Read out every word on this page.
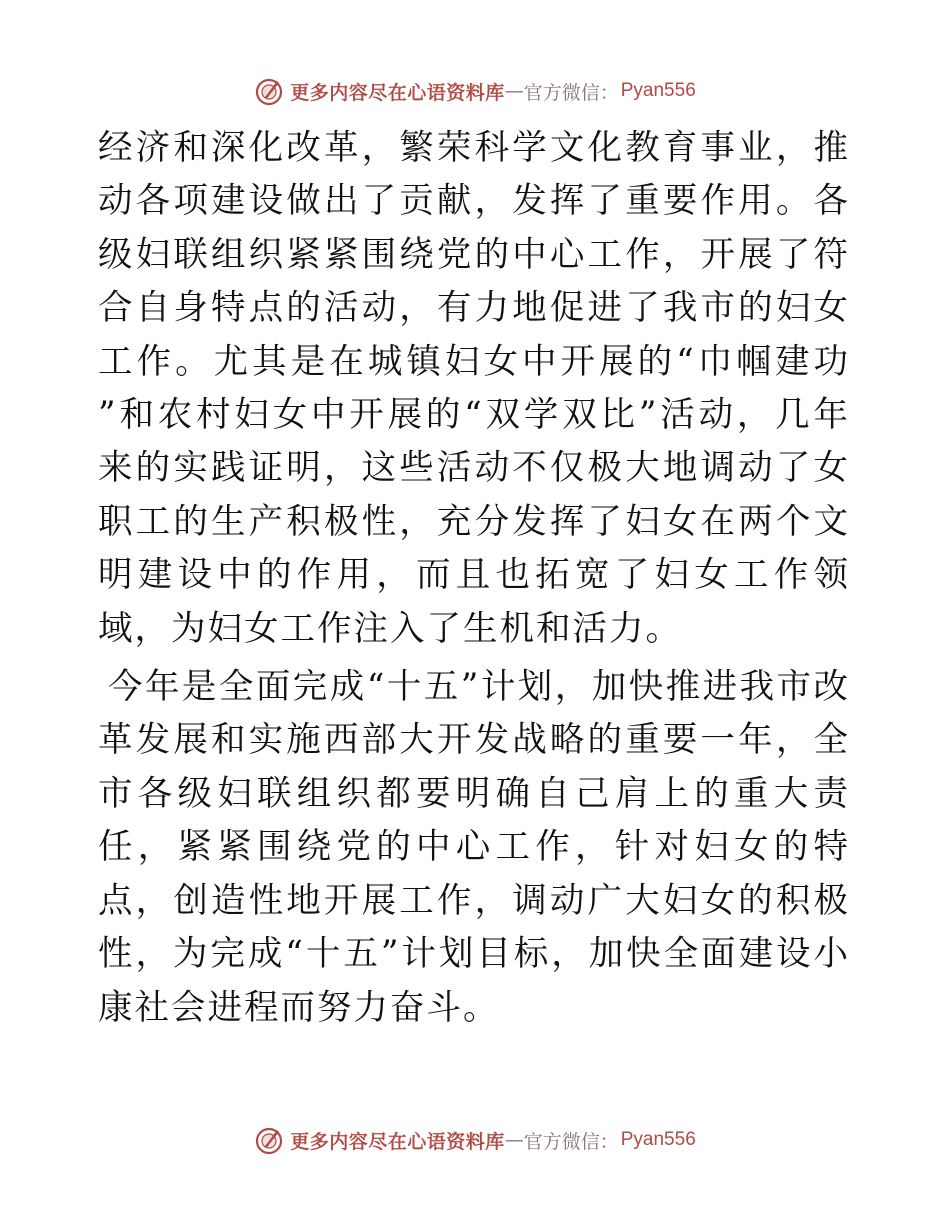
更多内容尽在心语资料库 — 官方微信： Pyan556

经济和深化改革，繁荣科学文化教育事业，推动各项建设做出了贡献，发挥了重要作用。各级妇联组织紧紧围绕党的中心工作，开展了符合自身特点的活动，有力地促进了我市的妇女工作。尤其是在城镇妇女中开展的“巾帼建功 ”和农村妇女中开展的“双学双比”活动，几年来的实践证明，这些活动不仅极大地调动了女职工的生产积极性，充分发挥了妇女在两个文明建设中的作用，而且也拓宽了妇女工作领域，为妇女工作注入了生机和活力。

今年是全面完成“十五”计划，加快推进我市改革发展和实施西部大开发战略的重要一年，全市各级妇联组织都要明确自己肩上的重大责任，紧紧围绕党的中心工作，针对妇女的特点，创造性地开展工作，调动广大妇女的积极性，为完成“十五”计划目标，加快全面建设小康社会进程而努力奋斗。

更多内容尽在心语资料库 — 官方微信： Pyan556
